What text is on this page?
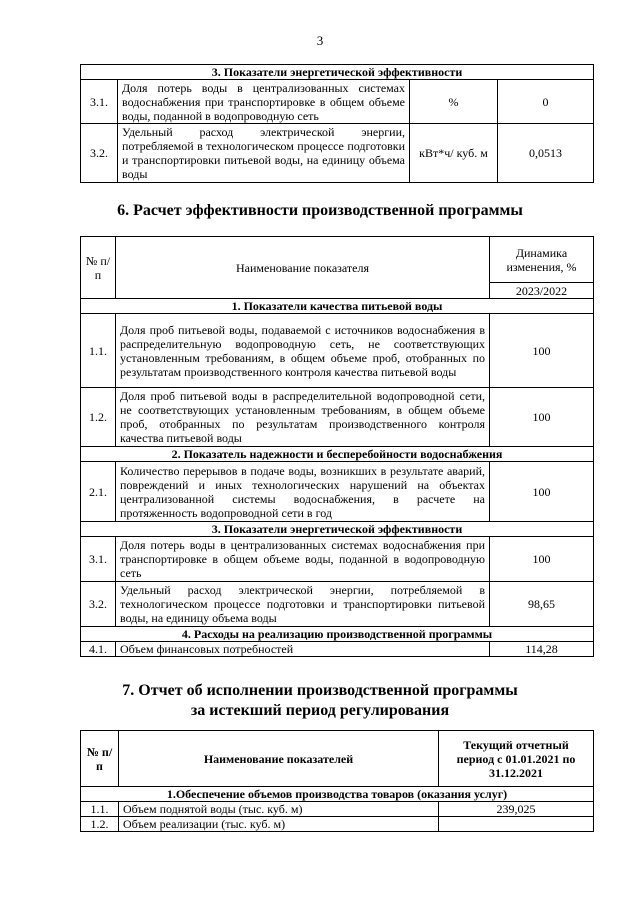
3
3. Показатели энергетической эффективности			
3.1.	Доля потерь воды в централизованных системах водоснабжения при транспортировке в общем объеме воды, поданной в водопроводную сеть	%	0
3.2.	Удельный расход электрической энергии, потребляемой в технологическом процессе подготовки и транспортировки питьевой воды, на единицу объема воды	кВт*ч/ куб. м	0,0513
6. Расчет эффективности производственной программы
№ п/п	Наименование показателя	Динамика изменения, %
		2023/2022
1. Показатели качества питьевой воды		
1.1.	Доля проб питьевой воды, подаваемой с источников водоснабжения в распределительную водопроводную сеть, не соответствующих установленным требованиям, в общем объеме проб, отобранных по результатам производственного контроля качества питьевой воды	100
1.2.	Доля проб питьевой воды в распределительной водопроводной сети, не соответствующих установленным требованиям, в общем объеме проб, отобранных по результатам производственного контроля качества питьевой воды	100
2. Показатель надежности и бесперебойности водоснабжения		
2.1.	Количество перерывов в подаче воды, возникших в результате аварий, повреждений и иных технологических нарушений на объектах централизованной системы водоснабжения, в расчете на протяженность водопроводной сети в год	100
3. Показатели энергетической эффективности		
3.1.	Доля потерь воды в централизованных системах водоснабжения при транспортировке в общем объеме воды, поданной в водопроводную сеть	100
3.2.	Удельный расход электрической энергии, потребляемой в технологическом процессе подготовки и транспортировки питьевой воды, на единицу объема воды	98,65
4. Расходы на реализацию производственной программы		
4.1.	Объем финансовых потребностей	114,28
7. Отчет об исполнении производственной программы
за истекший период регулирования
№ п/п	Наименование показателей	Текущий отчетный период с 01.01.2021 по 31.12.2021
1.Обеспечение объемов производства товаров (оказания услуг)		
1.1.	Объем поднятой воды (тыс. куб. м)	239,025
1.2.	Объем реализации (тыс. куб. м)	
